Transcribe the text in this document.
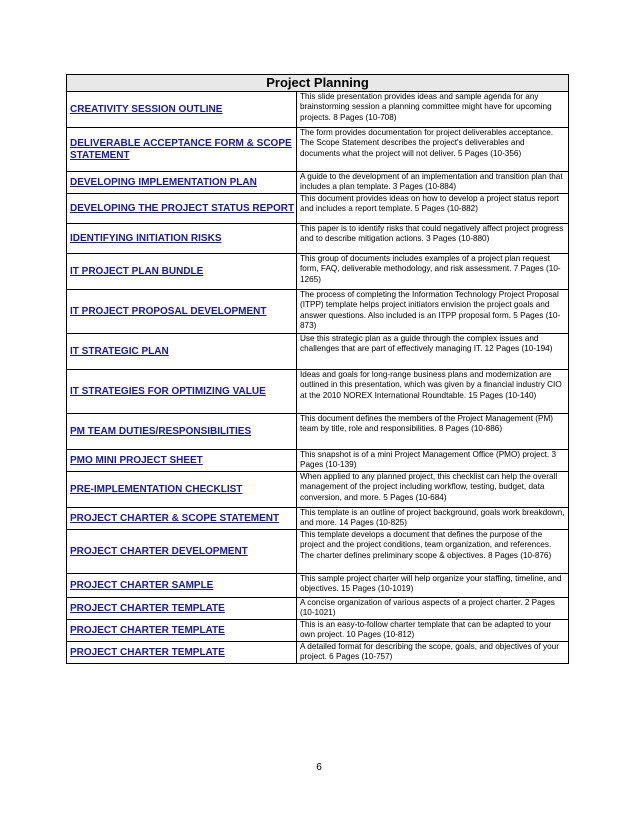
Project Planning	

CREATIVITY SESSION OUTLINE	This slide presentation provides ideas and sample agenda for any brainstorming session a planning committee might have for upcoming projects. 8 Pages (10-708)

DELIVERABLE ACCEPTANCE FORM & SCOPE STATEMENT	The form provides documentation for project deliverables acceptance. The Scope Statement describes the project's deliverables and documents what the project will not deliver. 5 Pages (10-356)

DEVELOPING IMPLEMENTATION PLAN	A guide to the development of an implementation and transition plan that includes a plan template. 3 Pages (10-884)

DEVELOPING THE PROJECT STATUS REPORT	This document provides ideas on how to develop a project status report and includes a report template. 5 Pages (10-882)

IDENTIFYING INITIATION RISKS	This paper is to identify risks that could negatively affect project progress and to describe mitigation actions. 3 Pages (10-880)

IT PROJECT PLAN BUNDLE	This group of documents includes examples of a project plan request form, FAQ, deliverable methodology, and risk assessment. 7 Pages (10-1265)

IT PROJECT PROPOSAL DEVELOPMENT	The process of completing the Information Technology Project Proposal (ITPP) template helps project initiators envision the project goals and answer questions. Also included is an ITPP proposal form. 5 Pages (10-873)

IT STRATEGIC PLAN	Use this strategic plan as a guide through the complex issues and challenges that are part of effectively managing IT. 12 Pages (10-194)

IT STRATEGIES FOR OPTIMIZING VALUE	Ideas and goals for long-range business plans and modernization are outlined in this presentation, which was given by a financial industry CIO at the 2010 NOREX International Roundtable. 15 Pages (10-140)

PM TEAM DUTIES/RESPONSIBILITIES	This document defines the members of the Project Management (PM) team by title, role and responsibilities. 8 Pages (10-886)

PMO MINI PROJECT SHEET	This snapshot is of a mini Project Management Office (PMO) project. 3 Pages (10-139)

PRE-IMPLEMENTATION CHECKLIST	When applied to any planned project, this checklist can help the overall management of the project including workflow, testing, budget, data conversion, and more. 5 Pages (10-684)

PROJECT CHARTER & SCOPE STATEMENT	This template is an outline of project background, goals work breakdown, and more. 14 Pages (10-825)

PROJECT CHARTER DEVELOPMENT	This template develops a document that defines the purpose of the project and the project conditions, team organization, and references. The charter defines preliminary scope & objectives. 8 Pages (10-876)

PROJECT CHARTER SAMPLE	This sample project charter will help organize your staffing, timeline, and objectives. 15 Pages (10-1019)

PROJECT CHARTER TEMPLATE	A concise organization of various aspects of a project charter. 2 Pages (10-1021)

PROJECT CHARTER TEMPLATE	This is an easy-to-follow charter template that can be adapted to your own project. 10 Pages (10-812)

PROJECT CHARTER TEMPLATE	A detailed format for describing the scope, goals, and objectives of your project. 6 Pages (10-757)
6
